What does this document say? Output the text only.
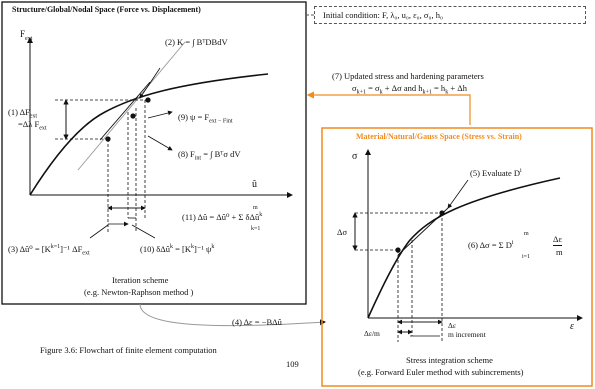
Structure/Global/Nodal Space (Force vs. Displacement)
$F_{ext}$
û
(2) K = ∫ BᵀDBdV
(1) $\Delta F_{ext}$
=Δλ $F_{ext}$
(9) $\psi = F_{ext - Fint}$
(8) $F_{int}$ = ∫ Bᵀσ dV
(11) Δû = Δû⁰ + Σ δΔû$^k$
m
k=1
(3) Δû⁰ = $[K^{k=1}]^{-1}$ $\Delta F_{ext}$	(10) δΔû$^k$ = $[K^k]^{-1}$ $\psi^k$
Iteration scheme
(e.g. Newton-Raphson method )
Initial condition: F, λ₀, u₀, ε₀, σ₀, h₀
(7) Updated stress and hardening parameters
$\sigma_{k+1} = \sigma_k + \Delta\sigma$ and $h_{k+1} = h_k + \Delta h$
(4) Δε = −BΔû
Figure 3.6: Flowchart of finite element computation
109
Material/Natural/Gauss Space (Stress vs. Strain)
σ
ε
Δσ
(5) Evaluate $D^i$
(6) Δσ = Σ $D^i$
m
i=1
Δε
m
Δε/m
Δε
m increment
Stress integration scheme
(e.g. Forward Euler method with subincrements)
